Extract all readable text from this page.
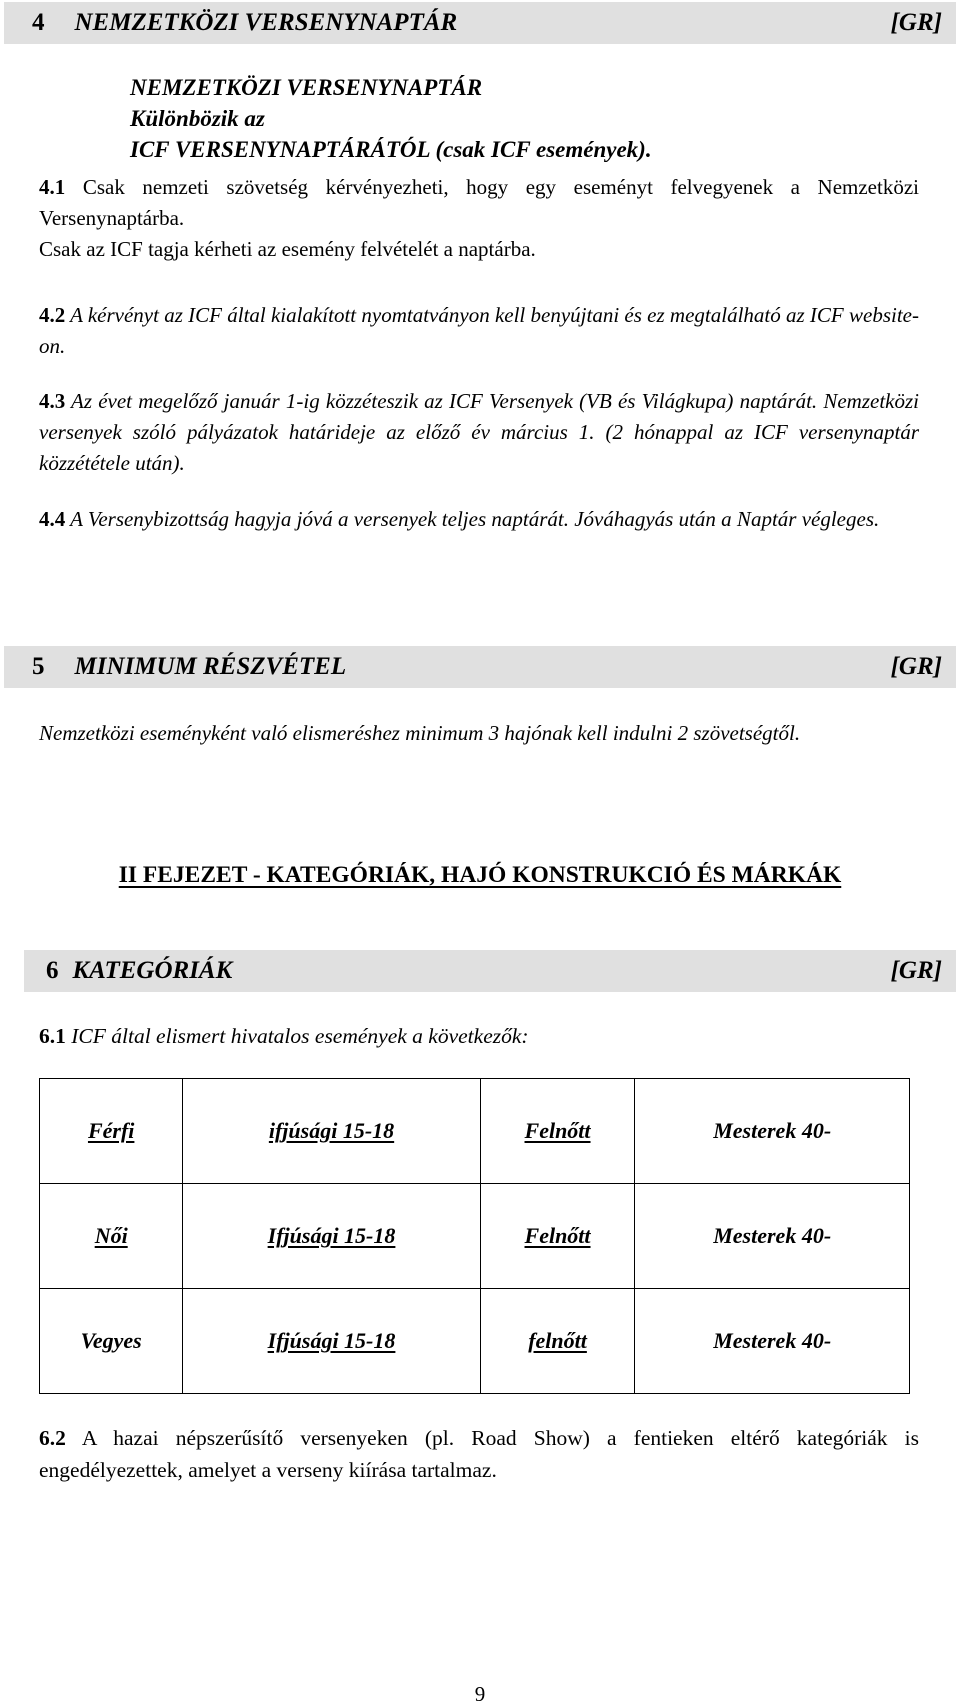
4 NEMZETKÖZI VERSENYNAPTÁR	[GR]
NEMZETKÖZI VERSENYNAPTÁR
Különbözik az
ICF VERSENYNAPTÁRÁTÓL (csak ICF események).
4.1 Csak nemzeti szövetség kérvényezheti, hogy egy eseményt felvegyenek a Nemzetközi Versenynaptárba.
Csak az ICF tagja kérheti az esemény felvételét a naptárba.
4.2 A kérvényt az ICF által kialakított nyomtatványon kell benyújtani és ez megtalálható az ICF website-on.
4.3 Az évet megelőző január 1-ig közzéteszik az ICF Versenyek (VB és Világkupa) naptárát. Nemzetközi versenyek szóló pályázatok határideje az előző év március 1. (2 hónappal az ICF versenynaptár közzététele után).
4.4 A Versenybizottság hagyja jóvá a versenyek teljes naptárát. Jóváhagyás után a Naptár végleges.
5 MINIMUM RÉSZVÉTEL	[GR]
Nemzetközi eseményként való elismeréshez minimum 3 hajónak kell indulni 2 szövetségtől.
II FEJEZET - KATEGÓRIÁK, HAJÓ KONSTRUKCIÓ ÉS MÁRKÁK
6 KATEGÓRIÁK	[GR]
6.1 ICF által elismert hivatalos események a következők:
Férfi	ifjúsági 15-18	Felnőtt	Mesterek 40-
Női	Ifjúsági 15-18	Felnőtt	Mesterek 40-
Vegyes	Ifjúsági 15-18	felnőtt	Mesterek 40-
6.2 A hazai népszerűsítő versenyeken (pl. Road Show) a fentieken eltérő kategóriák is engedélyezettek, amelyet a verseny kiírása tartalmaz.
9
